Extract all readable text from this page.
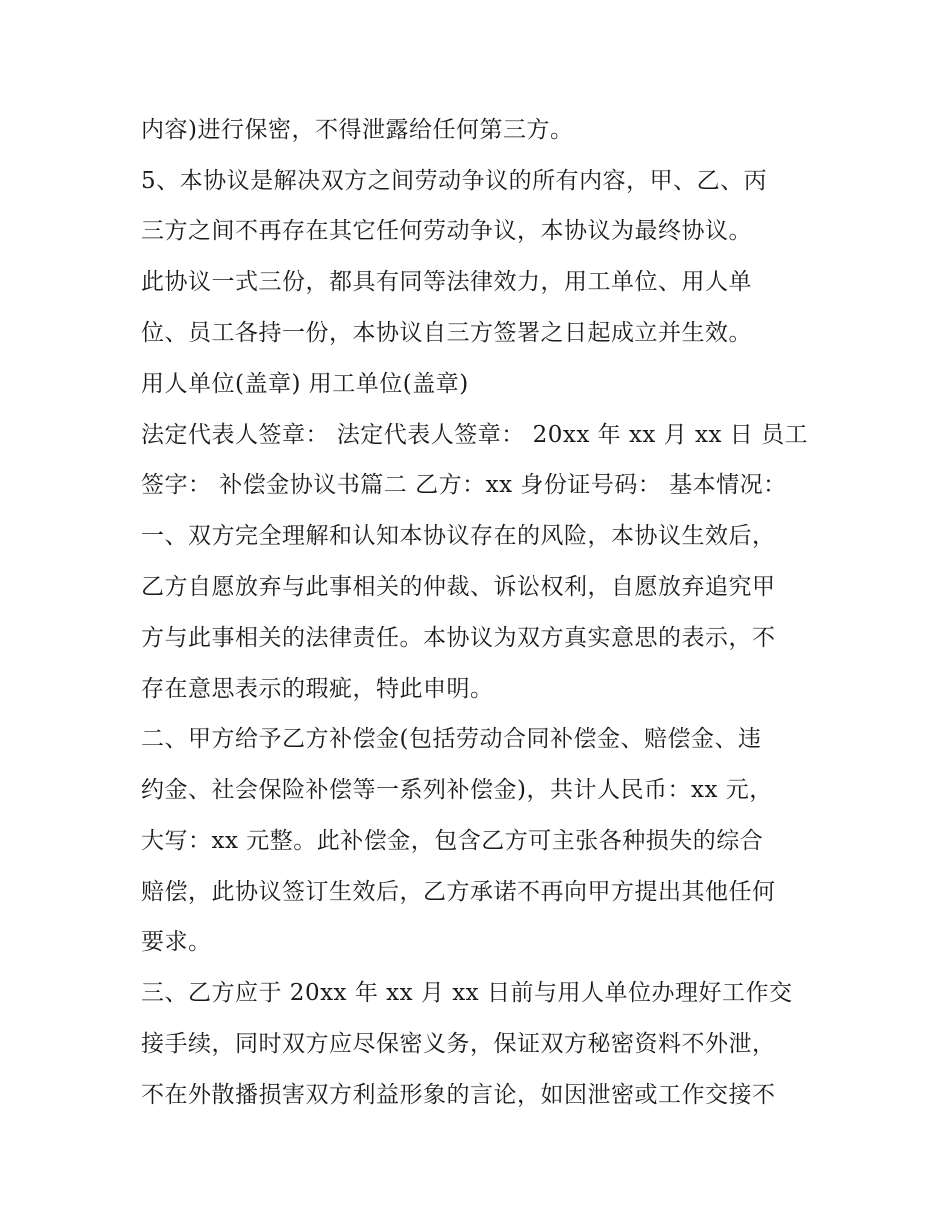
内容)进行保密，不得泄露给任何第三方。
5、本协议是解决双方之间劳动争议的所有内容，甲、乙、丙
三方之间不再存在其它任何劳动争议，本协议为最终协议。
此协议一式三份，都具有同等法律效力，用工单位、用人单
位、员工各持一份，本协议自三方签署之日起成立并生效。
用人单位(盖章) 用工单位(盖章)
法定代表人签章： 法定代表人签章： 20xx 年 xx 月 xx 日 员工
签字： 补偿金协议书篇二 乙方：xx 身份证号码： 基本情况：
一、双方完全理解和认知本协议存在的风险，本协议生效后，
乙方自愿放弃与此事相关的仲裁、诉讼权利，自愿放弃追究甲
方与此事相关的法律责任。本协议为双方真实意思的表示，不
存在意思表示的瑕疵，特此申明。
二、甲方给予乙方补偿金(包括劳动合同补偿金、赔偿金、违
约金、社会保险补偿等一系列补偿金)，共计人民币：xx 元，
大写：xx 元整。此补偿金，包含乙方可主张各种损失的综合
赔偿，此协议签订生效后，乙方承诺不再向甲方提出其他任何
要求。
三、乙方应于 20xx 年 xx 月 xx 日前与用人单位办理好工作交
接手续，同时双方应尽保密义务，保证双方秘密资料不外泄，
不在外散播损害双方利益形象的言论，如因泄密或工作交接不
